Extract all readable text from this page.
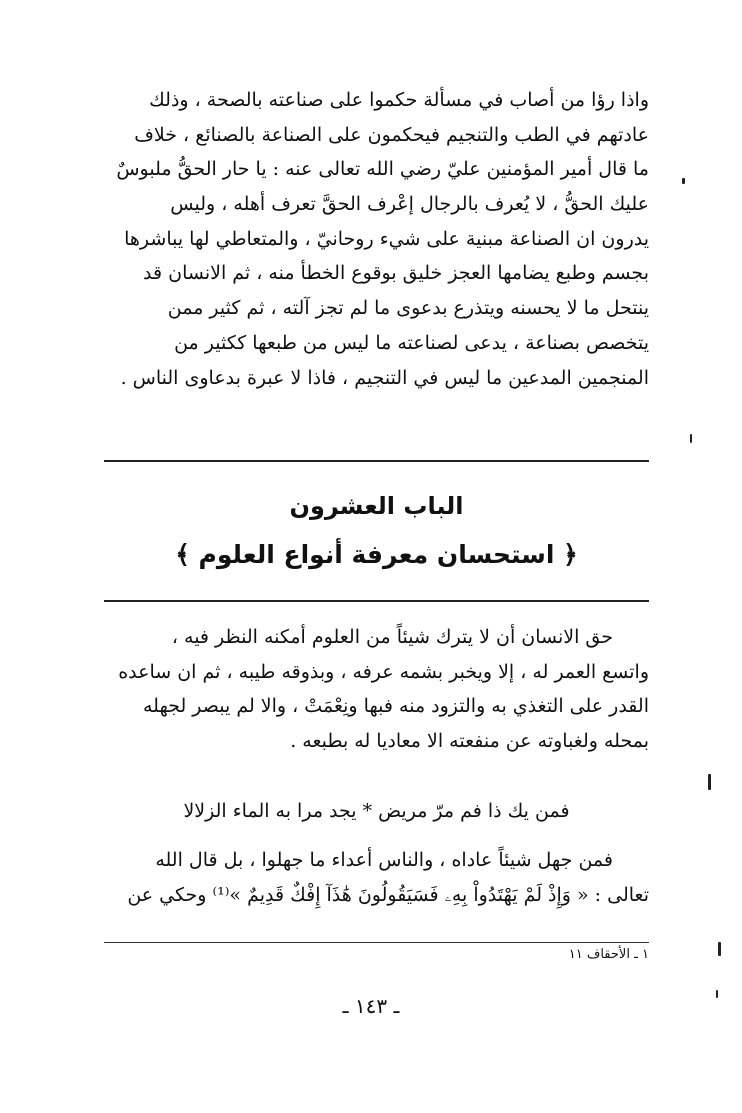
واذا رؤا من أصاب في مسألة حكموا على صناعته بالصحة ، وذلك
عادتهم في الطب والتنجيم فيحكمون على الصناعة بالصنائع ، خلاف
ما قال أمير المؤمنين عليّ رضي الله تعالى عنه : يا حار الحقُّ ملبوسٌ
عليك الحقُّ ، لا يُعرف بالرجال إعْرف الحقَّ تعرف أهله ، وليس
يدرون ان الصناعة مبنية على شيء روحانيّ ، والمتعاطي لها يباشرها
بجسم وطبع يضامها العجز خليق بوقوع الخطأ منه ، ثم الانسان قد
ينتحل ما لا يحسنه ويتذرع بدعوى ما لم تجز آلته ، ثم كثير ممن
يتخصص بصناعة ، يدعى لصناعته ما ليس من طبعها ككثير من
المنجمين المدعين ما ليس في التنجيم ، فاذا لا عبرة بدعاوى الناس .
الباب العشرون
﴿ استحسان معرفة أنواع العلوم ﴾
حق الانسان أن لا يترك شيئاً من العلوم أمكنه النظر فيه ،
واتسع العمر له ، إلا ويخبر بشمه عرفه ، وبذوقه طيبه ، ثم ان ساعده
القدر على التغذي به والتزود منه فبها ونِعْمَتْ ، والا لم يبصر لجهله
بمحله ولغباوته عن منفعته الا معاديا له بطبعه .
فمن يك ذا فم مرّ مريض * يجد مرا به الماء الزلالا
فمن جهل شيئاً عاداه ، والناس أعداء ما جهلوا ، بل قال الله
تعالى : « وَإِذْ لَمْ يَهْتَدُواْ بِهِۦ فَسَيَقُولُونَ هَٰذَآ إِفْكٌ قَدِيمٌ »⁽¹⁾ وحكي عن
١ ـ الأحقاف ١١
ـ ١٤٣ ـ
